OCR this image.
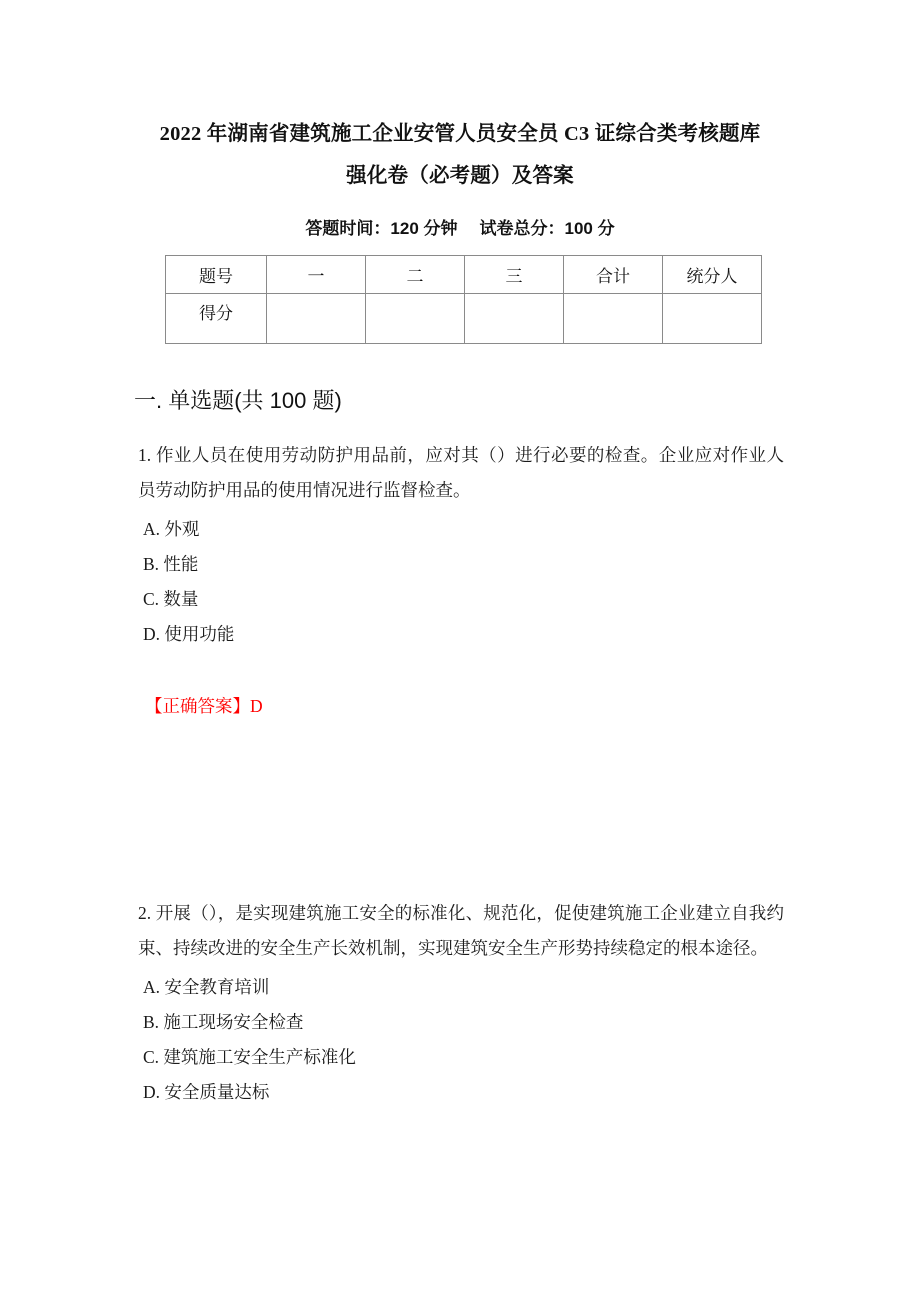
2022 年湖南省建筑施工企业安管人员安全员 C3 证综合类考核题库
强化卷（必考题）及答案
答题时间：120 分钟 试卷总分：100 分
题号	一	二	三	合计	统分人
得分					
一. 单选题(共 100 题)

1. 作业人员在使用劳动防护用品前，应对其（）进行必要的检查。企业应对作业人员劳动防护用品的使用情况进行监督检查。

A. 外观
B. 性能
C. 数量
D. 使用功能
【正确答案】D

2. 开展（），是实现建筑施工安全的标准化、规范化，促使建筑施工企业建立自我约束、持续改进的安全生产长效机制，实现建筑安全生产形势持续稳定的根本途径。

A. 安全教育培训
B. 施工现场安全检查
C. 建筑施工安全生产标准化
D. 安全质量达标
